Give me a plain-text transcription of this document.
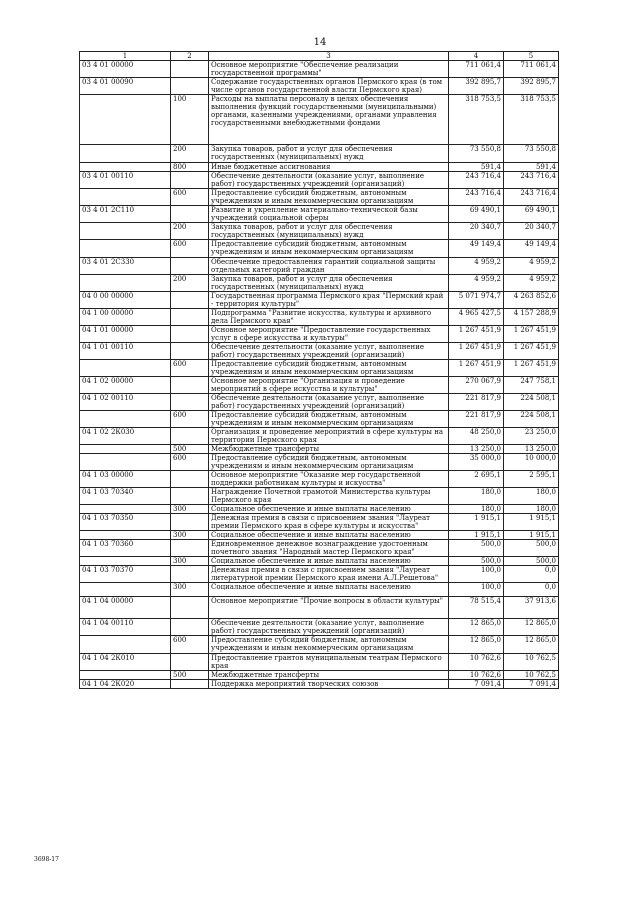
14
1	2	3	4	5
03 4 01 00000		Основное мероприятие "Обеспечение реализации государственной программы"	711 061,4	711 061,4
03 4 01 00090		Содержание государственных органов Пермского края (в том числе органов государственной власти Пермского края)	392 895,7	392 895,7
	100	Расходы на выплаты персоналу в целях обеспечения выполнения функций государственными (муниципальными) органами, казенными учреждениями, органами управления государственными внебюджетными фондами	318 753,5	318 753,5
	200	Закупка товаров, работ и услуг для обеспечения государственных (муниципальных) нужд	73 550,8	73 550,8
	800	Иные бюджетные ассигнования	591,4	591,4
03 4 01 00110		Обеспечение деятельности (оказание услуг, выполнение работ) государственных учреждений (организаций)	243 716,4	243 716,4
	600	Предоставление субсидий бюджетным, автономным учреждениям и иным некоммерческим организациям	243 716,4	243 716,4
03 4 01 2С110		Развитие и укрепление материально-технической базы учреждений социальной сферы	69 490,1	69 490,1
	200	Закупка товаров, работ и услуг для обеспечения государственных (муниципальных) нужд	20 340,7	20 340,7
	600	Предоставление субсидий бюджетным, автономным учреждениям и иным некоммерческим организациям	49 149,4	49 149,4
03 4 01 2С330		Обеспечение предоставления гарантий социальной защиты отдельных категорий граждан	4 959,2	4 959,2
	200	Закупка товаров, работ и услуг для обеспечения государственных (муниципальных) нужд	4 959,2	4 959,2
04 0 00 00000		Государственная программа Пермского края "Пермский край - территория культуры"	5 071 974,7	4 263 852,6
04 1 00 00000		Подпрограмма "Развитие искусства, культуры и архивного дела Пермского края"	4 965 427,5	4 157 288,9
04 1 01 00000		Основное мероприятие "Предоставление государственных услуг в сфере искусства и культуры"	1 267 451,9	1 267 451,9
04 1 01 00110		Обеспечение деятельности (оказание услуг, выполнение работ) государственных учреждений (организаций)	1 267 451,9	1 267 451,9
	600	Предоставление субсидий бюджетным, автономным учреждениям и иным некоммерческим организациям	1 267 451,9	1 267 451,9
04 1 02 00000		Основное мероприятие "Организация и проведение мероприятий в сфере искусства и культуры"	270 067,9	247 758,1
04 1 02 00110		Обеспечение деятельности (оказание услуг, выполнение работ) государственных учреждений (организаций)	221 817,9	224 508,1
	600	Предоставление субсидий бюджетным, автономным учреждениям и иным некоммерческим организациям	221 817,9	224 508,1
04 1 02 2К030		Организация и проведение мероприятий в сфере культуры на территории Пермского края	48 250,0	23 250,0
	500	Межбюджетные трансферты	13 250,0	13 250,0
	600	Предоставление субсидий бюджетным, автономным учреждениям и иным некоммерческим организациям	35 000,0	10 000,0
04 1 03 00000		Основное мероприятие "Оказание мер государственной поддержки работникам культуры и искусства"	2 695,1	2 595,1
04 1 03 70340		Награждение Почетной грамотой Министерства культуры Пермского края	180,0	180,0
	300	Социальное обеспечение и иные выплаты населению	180,0	180,0
04 1 03 70350		Денежная премия в связи с присвоением звания "Лауреат премии Пермского края в сфере культуры и искусства"	1 915,1	1 915,1
	300	Социальное обеспечение и иные выплаты населению	1 915,1	1 915,1
04 1 03 70360		Единовременное денежное вознаграждение удостоенным почетного звания "Народный мастер Пермского края"	500,0	500,0
	300	Социальное обеспечение и иные выплаты населению	500,0	500,0
04 1 03 70370		Денежная премия в связи с присвоением звания "Лауреат литературной премии Пермского края имени А.Л.Решетова"	100,0	0,0
	300	Социальное обеспечение и иные выплаты населению	100,0	0,0
04 1 04 00000		Основное мероприятие "Прочие вопросы в области культуры"	78 515,4	37 913,6
04 1 04 00110		Обеспечение деятельности (оказание услуг, выполнение работ) государственных учреждений (организаций)	12 865,0	12 865,0
	600	Предоставление субсидий бюджетным, автономным учреждениям и иным некоммерческим организациям	12 865,0	12 865,0
04 1 04 2К010		Предоставление грантов муниципальным театрам Пермского края	10 762,6	10 762,5
	500	Межбюджетные трансферты	10 762,6	10 762,5
04 1 04 2К020		Поддержка мероприятий творческих союзов	7 091,4	7 091,4
3698-17
